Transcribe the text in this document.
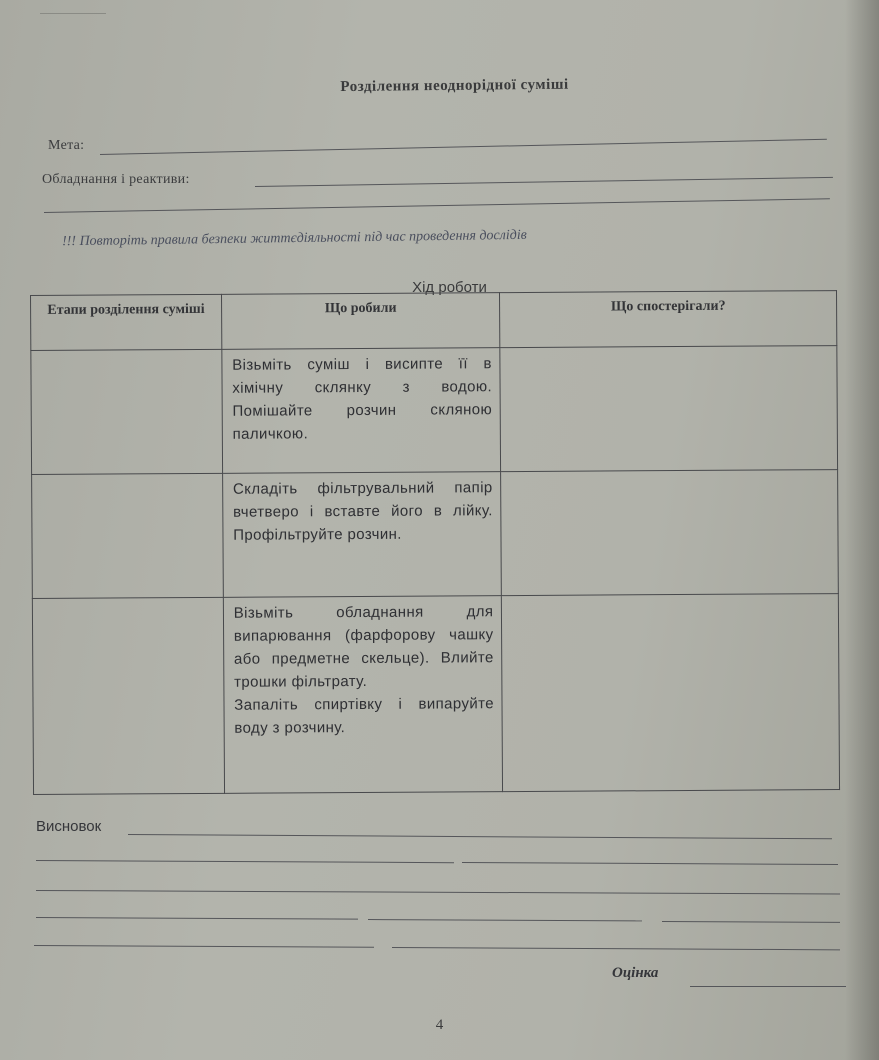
Розділення неоднорідної суміші
Мета:
Обладнання і реактиви:
!!! Повторіть правила безпеки життєдіяльності під час проведення дослідів
Хід роботи
Етапи розділення суміші	Що робили	Що спостерігали?

	Візьміть суміш і висипте її в хімічну склянку з водою. Помішайте розчин скляною паличкою.	

	Складіть фільтрувальний папір вчетверо і вставте його в лійку. Профільтруйте розчин.	

	Візьміть обладнання для випарювання (фарфорову чашку або предметне скельце). Влийте трошки фільтрату.
Запаліть спиртівку і випаруйте воду з розчину.	

Висновок
Оцінка
4
